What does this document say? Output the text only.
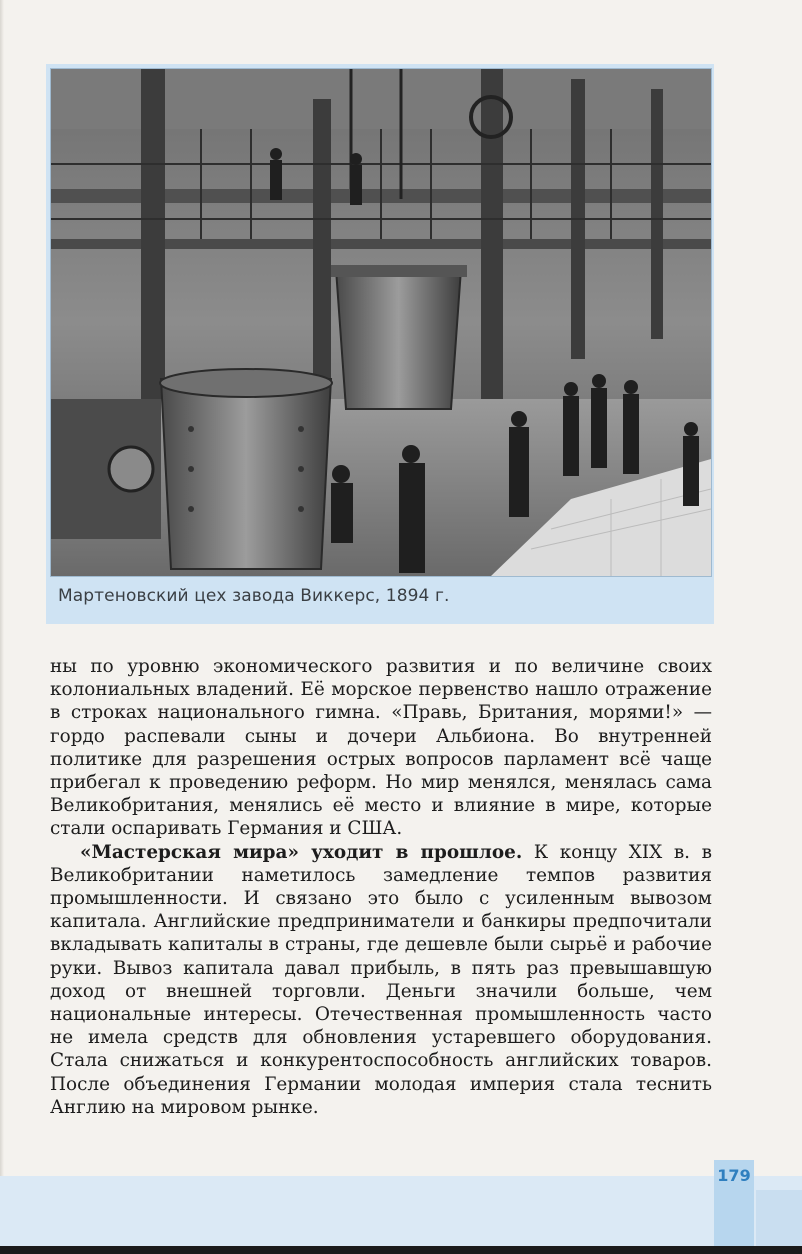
Мартеновский цех завода Виккерс, 1894 г.

ны по уровню экономического развития и по величине своих колониальных владений. Её морское первенство нашло отражение в строках национального гимна. «Правь, Британия, морями!» — гордо распевали сыны и дочери Альбиона. Во внутренней политике для разрешения острых вопросов парламент всё чаще прибегал к проведению реформ. Но мир менялся, менялась сама Великобритания, менялись её место и влияние в мире, которые стали оспаривать Германия и США.

«Мастерская мира» уходит в прошлое. К концу XIX в. в Великобритании наметилось замедление темпов развития промышленности. И связано это было с усиленным вывозом капитала. Английские предприниматели и банкиры предпочитали вкладывать капиталы в страны, где дешевле были сырьё и рабочие руки. Вывоз капитала давал прибыль, в пять раз превышавшую доход от внешней торговли. Деньги значили больше, чем национальные интересы. Отечественная промышленность часто не имела средств для обновления устаревшего оборудования. Стала снижаться и конкурентоспособность английских товаров. После объединения Германии молодая империя стала теснить Англию на мировом рынке.

179
